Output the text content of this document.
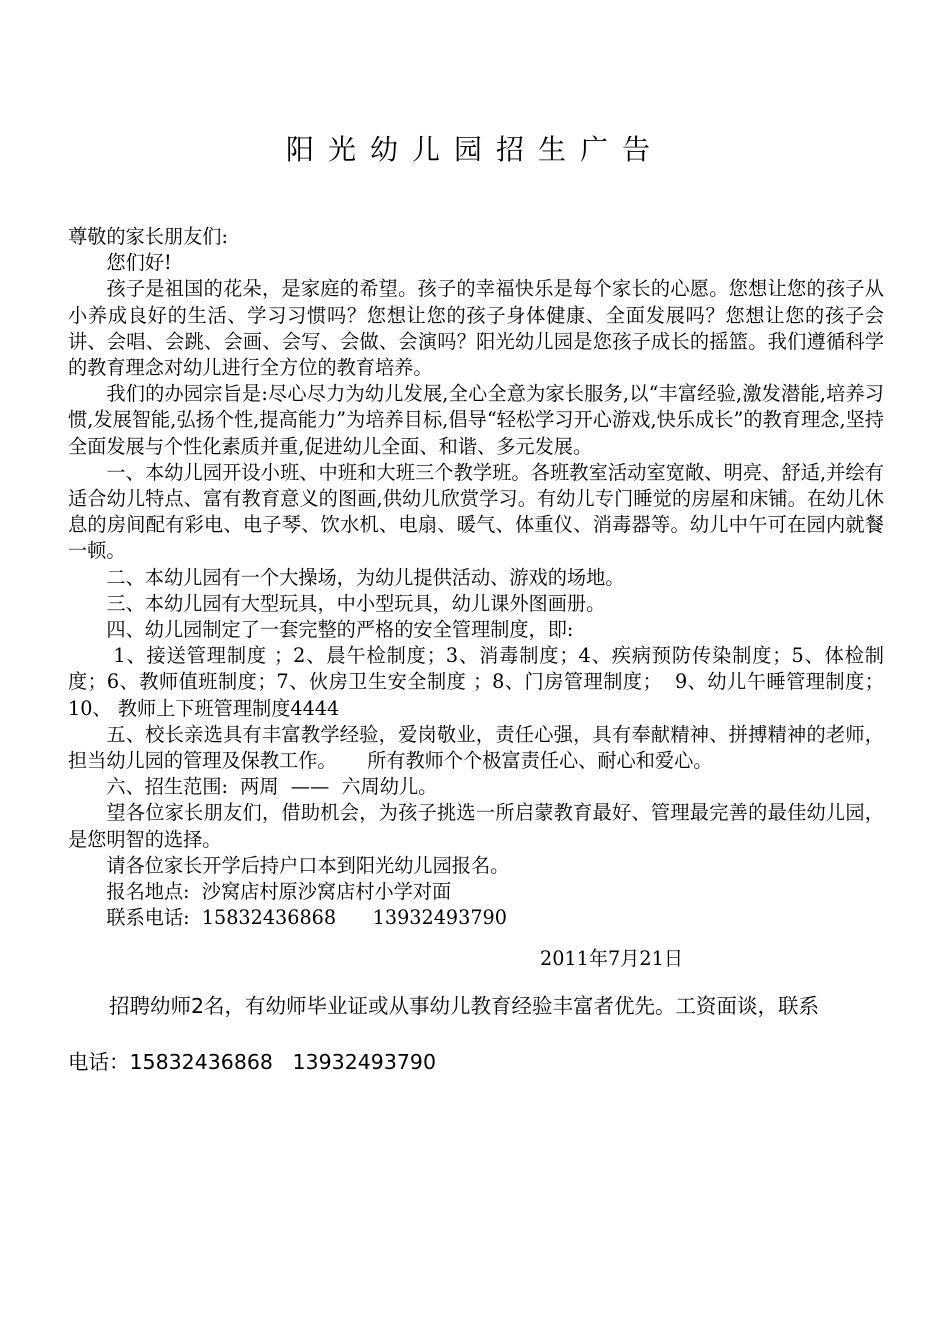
阳光幼儿园招生广告

尊敬的家长朋友们:

您们好!

孩子是祖国的花朵，是家庭的希望。孩子的幸福快乐是每个家长的心愿。您想让您的孩子从小养成良好的生活、学习习惯吗？您想让您的孩子身体健康、全面发展吗？您想让您的孩子会讲、会唱、会跳、会画、会写、会做、会演吗？阳光幼儿园是您孩子成长的摇篮。我们遵循科学的教育理念对幼儿进行全方位的教育培养。

我们的办园宗旨是:尽心尽力为幼儿发展,全心全意为家长服务,以“丰富经验,激发潜能,培养习惯,发展智能,弘扬个性,提高能力”为培养目标,倡导“轻松学习开心游戏,快乐成长”的教育理念,坚持全面发展与个性化素质并重,促进幼儿全面、和谐、多元发展。

一、本幼儿园开设小班、中班和大班三个教学班。各班教室活动室宽敞、明亮、舒适,并绘有适合幼儿特点、富有教育意义的图画,供幼儿欣赏学习。有幼儿专门睡觉的房屋和床铺。在幼儿休息的房间配有彩电、电子琴、饮水机、电扇、暖气、体重仪、消毒器等。幼儿中午可在园内就餐一顿。

二、本幼儿园有一个大操场，为幼儿提供活动、游戏的场地。

三、本幼儿园有大型玩具，中小型玩具，幼儿课外图画册。

四、幼儿园制定了一套完整的严格的安全管理制度，即:

1、接送管理制度 ；2、晨午检制度；3、消毒制度；4、疾病预防传染制度；5、体检制度；6、教师值班制度；7、伙房卫生安全制度 ；8、门房管理制度；  9、幼儿午睡管理制度；  10、 教师上下班管理制度4444

五、校长亲选具有丰富教学经验，爱岗敬业，责任心强，具有奉献精神、拼搏精神的老师，担当幼儿园的管理及保教工作。     所有教师个个极富责任心、耐心和爱心。

六、招生范围:  两周  ——  六周幼儿。

望各位家长朋友们，借助机会，为孩子挑选一所启蒙教育最好、管理最完善的最佳幼儿园，是您明智的选择。

请各位家长开学后持户口本到阳光幼儿园报名。

报名地点:  沙窝店村原沙窝店村小学对面

联系电话:  15832436868      13932493790

2011年7月21日

招聘幼师2名，有幼师毕业证或从事幼儿教育经验丰富者优先。工资面谈，联系

电话：15832436868   13932493790
